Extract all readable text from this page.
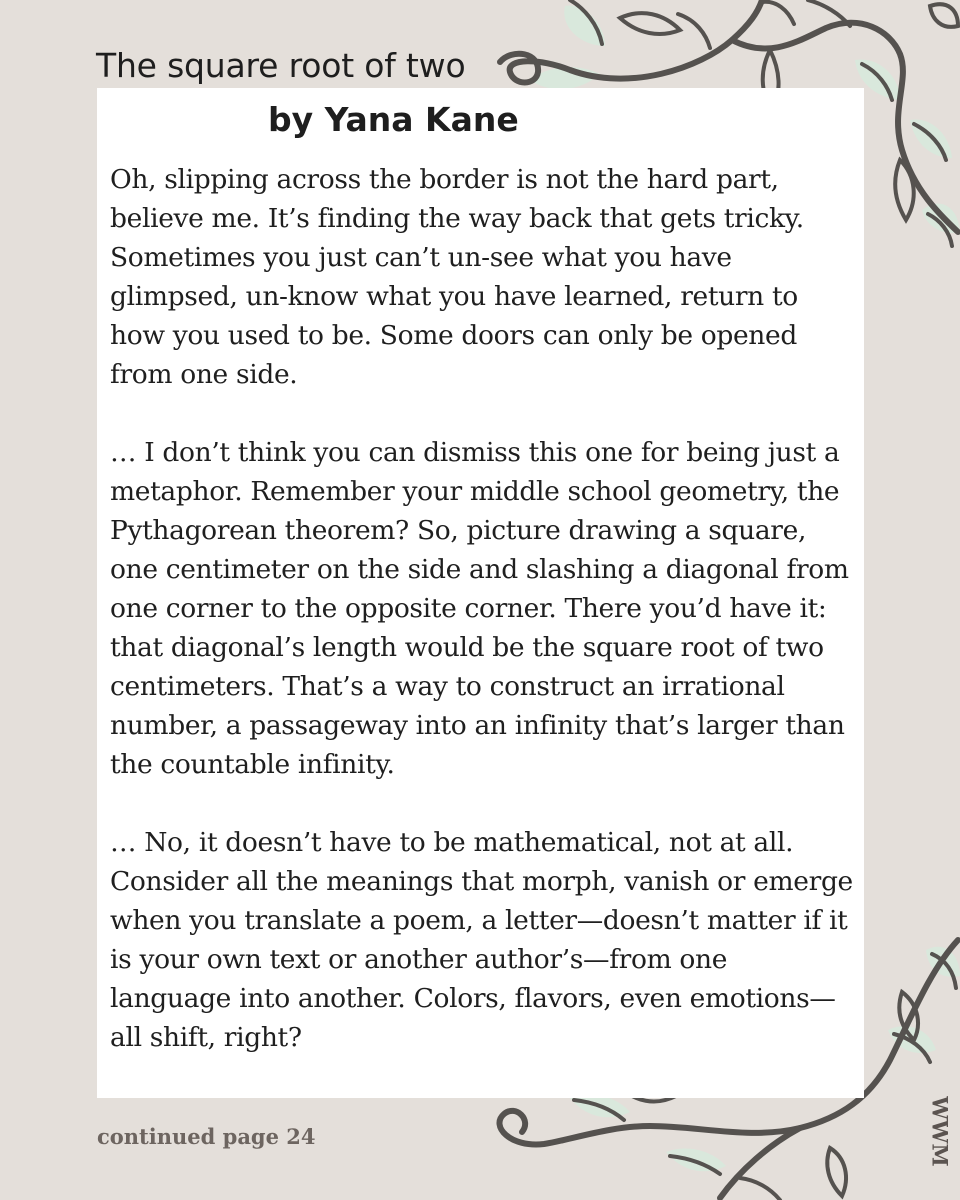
The square root of two
by Yana Kane

Oh, slipping across the border is not the hard part, believe me. It’s finding the way back that gets tricky. Sometimes you just can’t un-see what you have glimpsed, un-know what you have learned, return to how you used to be. Some doors can only be opened from one side.

… I don’t think you can dismiss this one for being just a metaphor. Remember your middle school geometry, the Pythagorean theorem? So, picture drawing a square, one centimeter on the side and slashing a diagonal from one corner to the opposite corner. There you’d have it: that diagonal’s length would be the square root of two centimeters. That’s a way to construct an irrational number, a passageway into an infinity that’s larger than the countable infinity.

… No, it doesn’t have to be mathematical, not at all. Consider all the meanings that morph, vanish or emerge when you translate a poem, a letter—doesn’t matter if it is your own text or another author’s—from one language into another. Colors, flavors, even emotions—all shift, right?

continued page 24	WWM
